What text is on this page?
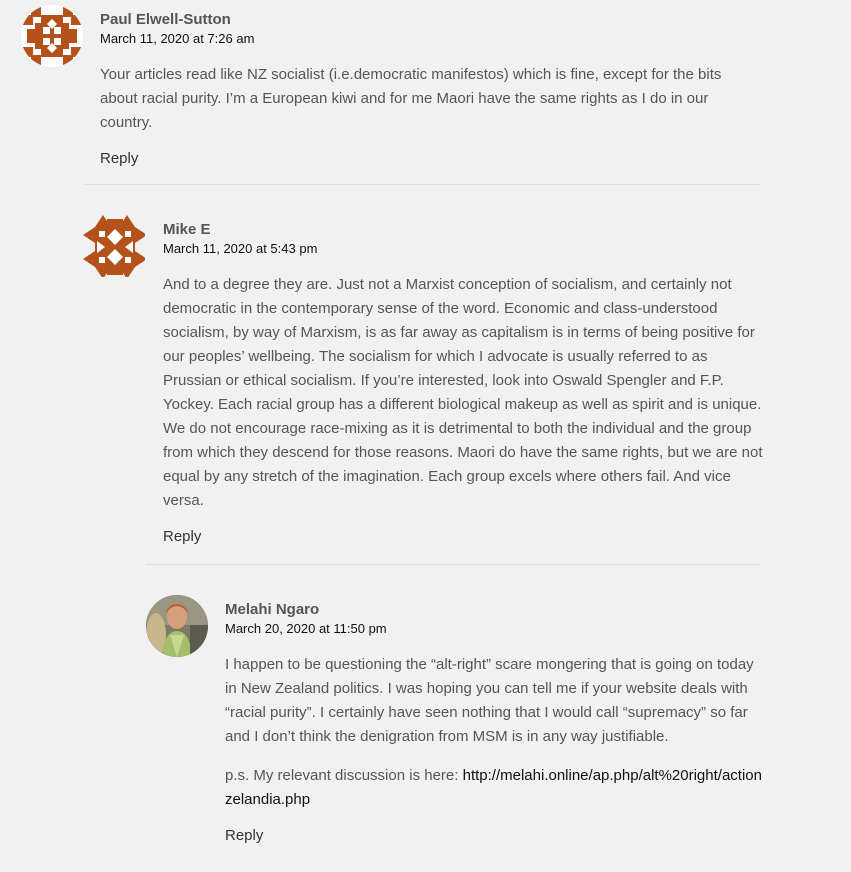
Paul Elwell-Sutton
March 11, 2020 at 7:26 am

Your articles read like NZ socialist (i.e.democratic manifestos) which is fine, except for the bits about racial purity. I’m a European kiwi and for me Maori have the same rights as I do in our country.

Reply
Mike E
March 11, 2020 at 5:43 pm

And to a degree they are. Just not a Marxist conception of socialism, and certainly not democratic in the contemporary sense of the word. Economic and class-understood socialism, by way of Marxism, is as far away as capitalism is in terms of being positive for our peoples’ wellbeing. The socialism for which I advocate is usually referred to as Prussian or ethical socialism. If you’re interested, look into Oswald Spengler and F.P. Yockey. Each racial group has a different biological makeup as well as spirit and is unique. We do not encourage race-mixing as it is detrimental to both the individual and the group from which they descend for those reasons. Maori do have the same rights, but we are not equal by any stretch of the imagination. Each group excels where others fail. And vice versa.

Reply
Melahi Ngaro
March 20, 2020 at 11:50 pm

I happen to be questioning the “alt-right” scare mongering that is going on today in New Zealand politics. I was hoping you can tell me if your website deals with “racial purity”. I certainly have seen nothing that I would call “supremacy” so far and I don’t think the denigration from MSM is in any way justifiable.

p.s. My relevant discussion is here: http://melahi.online/ap.php/alt%20right/actionzelandia.php

Reply
